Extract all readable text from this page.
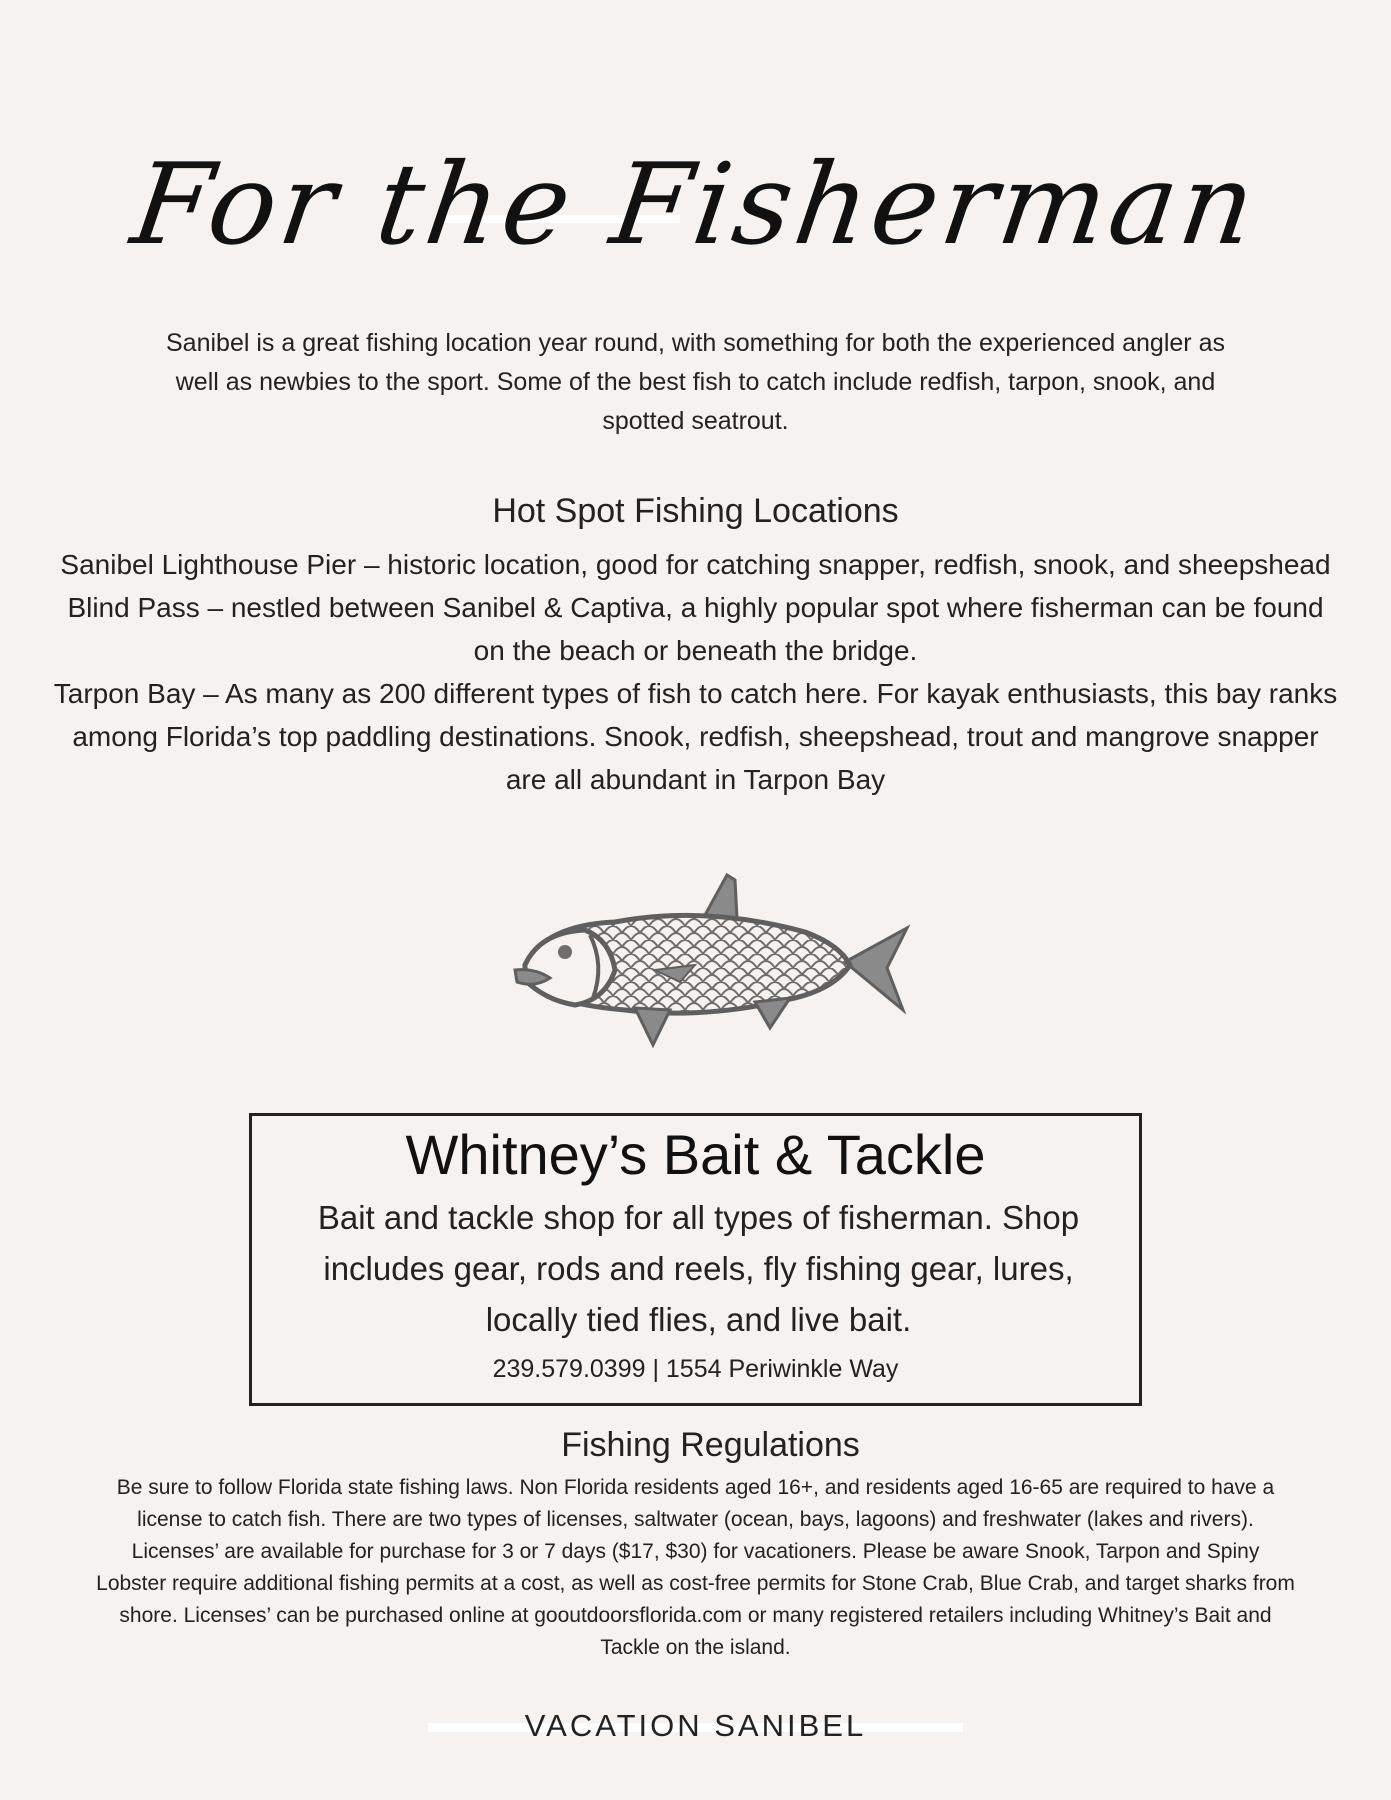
For the Fisherman
Sanibel is a great fishing location year round, with something for both the experienced angler as well as newbies to the sport. Some of the best fish to catch include redfish, tarpon, snook, and spotted seatrout.
Hot Spot Fishing Locations
Sanibel Lighthouse Pier – historic location, good for catching snapper, redfish, snook, and sheepshead
Blind Pass – nestled between Sanibel & Captiva, a highly popular spot where fisherman can be found on the beach or beneath the bridge.
Tarpon Bay – As many as 200 different types of fish to catch here. For kayak enthusiasts, this bay ranks among Florida’s top paddling destinations. Snook, redfish, sheepshead, trout and mangrove snapper are all abundant in Tarpon Bay
Whitney’s Bait & Tackle
Bait and tackle shop for all types of fisherman. Shop includes gear, rods and reels, fly fishing gear, lures, locally tied flies, and live bait.
239.579.0399 | 1554 Periwinkle Way
Fishing Regulations
Be sure to follow Florida state fishing laws. Non Florida residents aged 16+, and residents aged 16-65 are required to have a license to catch fish. There are two types of licenses, saltwater (ocean, bays, lagoons) and freshwater (lakes and rivers). Licenses’ are available for purchase for 3 or 7 days ($17, $30) for vacationers. Please be aware Snook, Tarpon and Spiny Lobster require additional fishing permits at a cost, as well as cost-free permits for Stone Crab, Blue Crab, and target sharks from shore. Licenses’ can be purchased online at gooutdoorsflorida.com or many registered retailers including Whitney’s Bait and Tackle on the island.
VACATION SANIBEL
